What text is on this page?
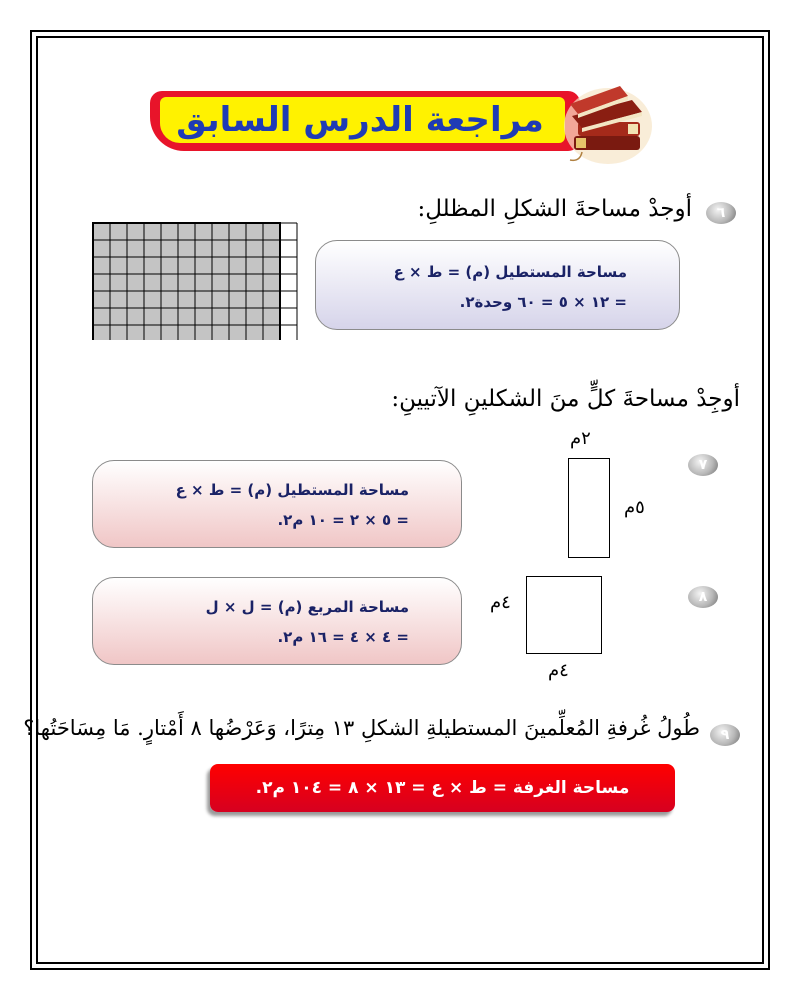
مراجعة الدرس السابق
٦
أوجدْ مساحةَ الشكلِ المظللِ:
مساحة المستطيل (م) = ط × ع
= ١٢ × ٥ = ٦٠ وحدة٢.
أوجِدْ مساحةَ كلٍّ منَ الشكلينِ الآتيينِ:
٧
٢م
٥م
مساحة المستطيل (م) = ط × ع
= ٥ × ٢ = ١٠ م٢.
٨
٤م
٤م
مساحة المربع (م) = ل × ل
= ٤ × ٤ = ١٦ م٢.
٩
طُولُ غُرفةِ المُعلِّمينَ المستطيلةِ الشكلِ ١٣ مِترًا، وَعَرْضُها ٨ أَمْتارٍ. مَا مِسَاحَتُها؟
مساحة الغرفة = ط × ع = ١٣ × ٨ = ١٠٤ م٢.
